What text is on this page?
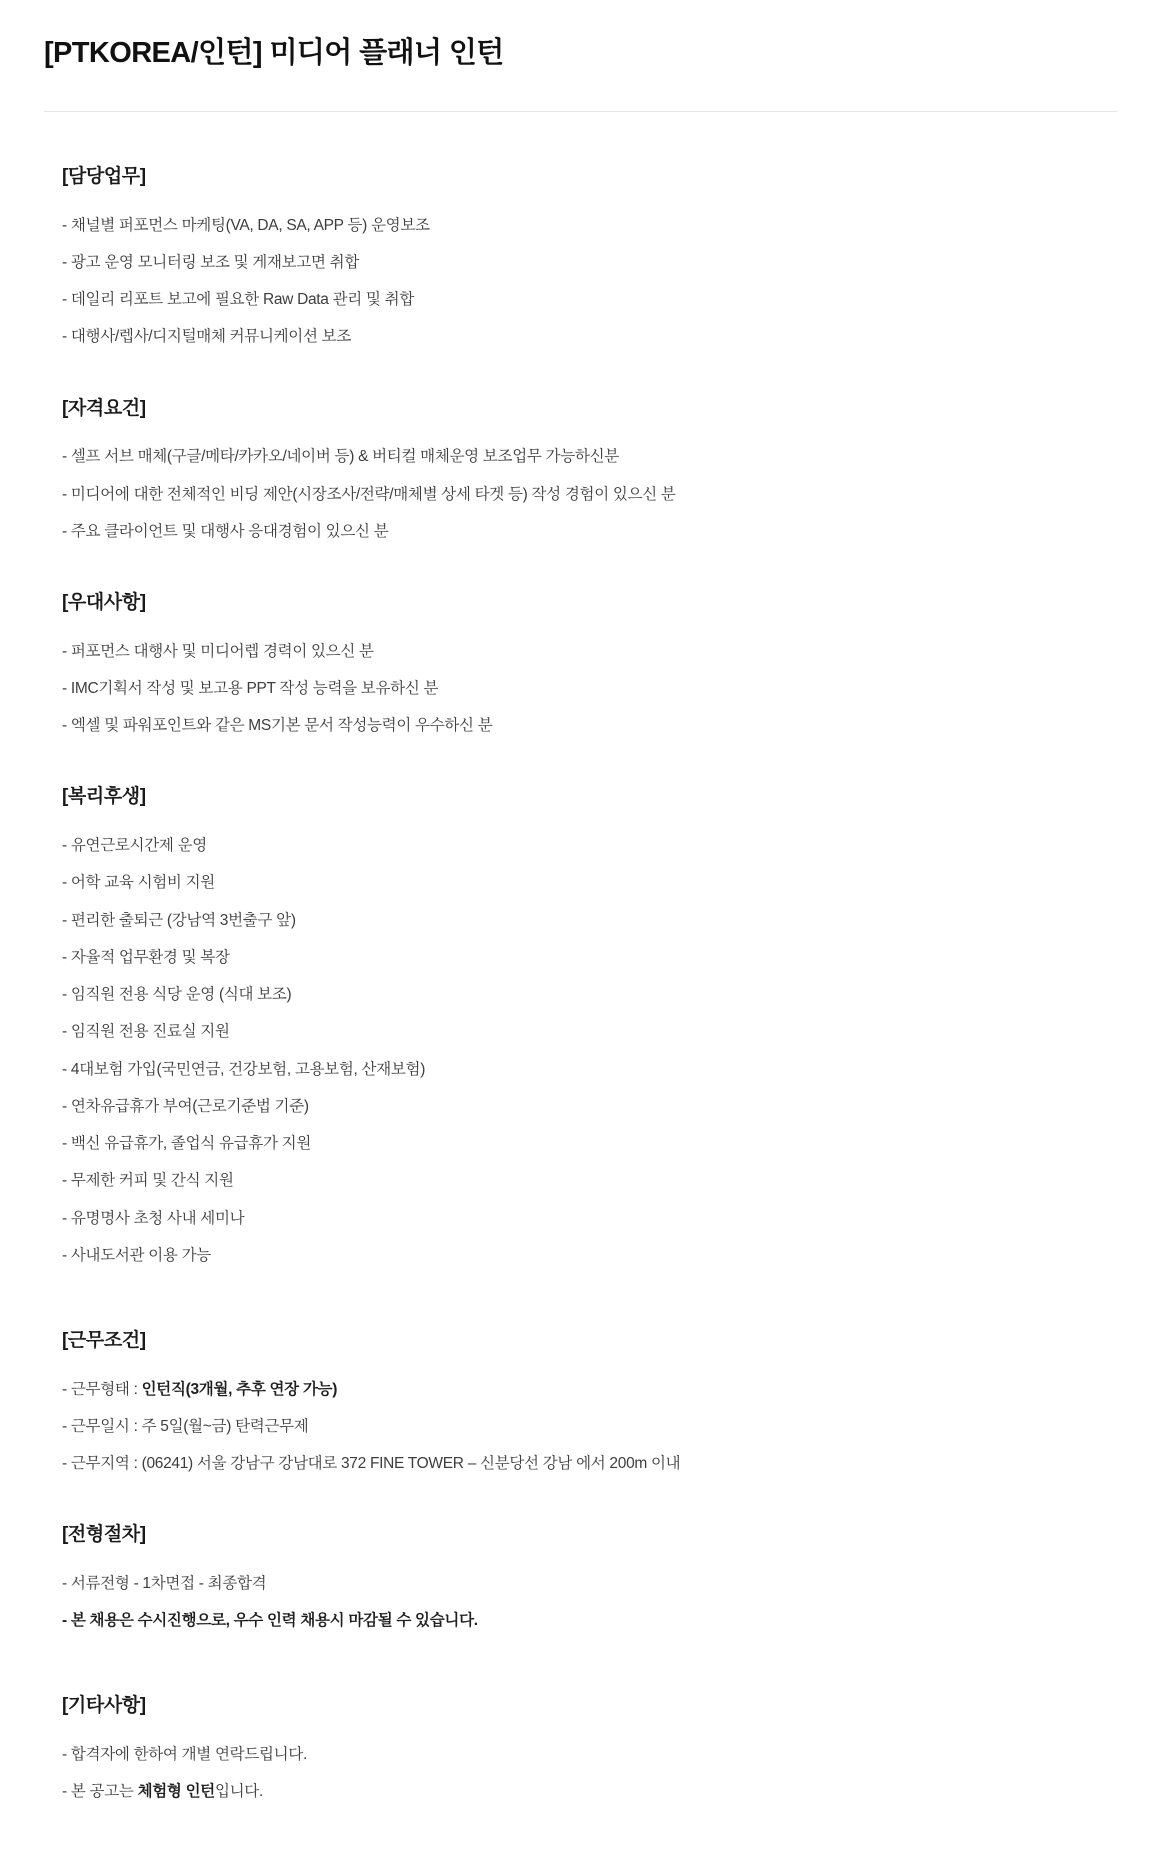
[PTKOREA/인턴] 미디어 플래너 인턴
[담당업무]
- 채널별 퍼포먼스 마케팅(VA, DA, SA, APP 등) 운영보조
- 광고 운영 모니터링 보조 및 게재보고면 취합
- 데일리 리포트 보고에 필요한 Raw Data 관리 및 취합
- 대행사/렙사/디지털매체 커뮤니케이션 보조
[자격요건]
- 셀프 서브 매체(구글/메타/카카오/네이버 등) & 버티컬 매체운영 보조업무 가능하신분
- 미디어에 대한 전체적인 비딩 제안(시장조사/전략/매체별 상세 타겟 등) 작성 경험이 있으신 분
- 주요 클라이언트 및 대행사 응대경험이 있으신 분
[우대사항]
- 퍼포먼스 대행사 및 미디어렙 경력이 있으신 분
- IMC기획서 작성 및 보고용 PPT 작성 능력을 보유하신 분
- 엑셀 및 파워포인트와 같은 MS기본 문서 작성능력이 우수하신 분
[복리후생]
- 유연근로시간제 운영
- 어학 교육 시험비 지원
- 편리한 출퇴근 (강남역 3번출구 앞)
- 자율적 업무환경 및 복장
- 임직원 전용 식당 운영 (식대 보조)
- 임직원 전용 진료실 지원
- 4대보험 가입(국민연금, 건강보험, 고용보험, 산재보험)
- 연차유급휴가 부여(근로기준법 기준)
- 백신 유급휴가, 졸업식 유급휴가 지원
- 무제한 커피 및 간식 지원
- 유명명사 초청 사내 세미나
- 사내도서관 이용 가능
[근무조건]
- 근무형태 : 인턴직(3개월, 추후 연장 가능)
- 근무일시 : 주 5일(월~금) 탄력근무제
- 근무지역 : (06241) 서울 강남구 강남대로 372 FINE TOWER – 신분당선 강남 에서 200m 이내
[전형절차]
- 서류전형 - 1차면접 - 최종합격
- 본 채용은 수시진행으로, 우수 인력 채용시 마감될 수 있습니다.
[기타사항]
- 합격자에 한하여 개별 연락드립니다.
- 본 공고는 체험형 인턴입니다.
